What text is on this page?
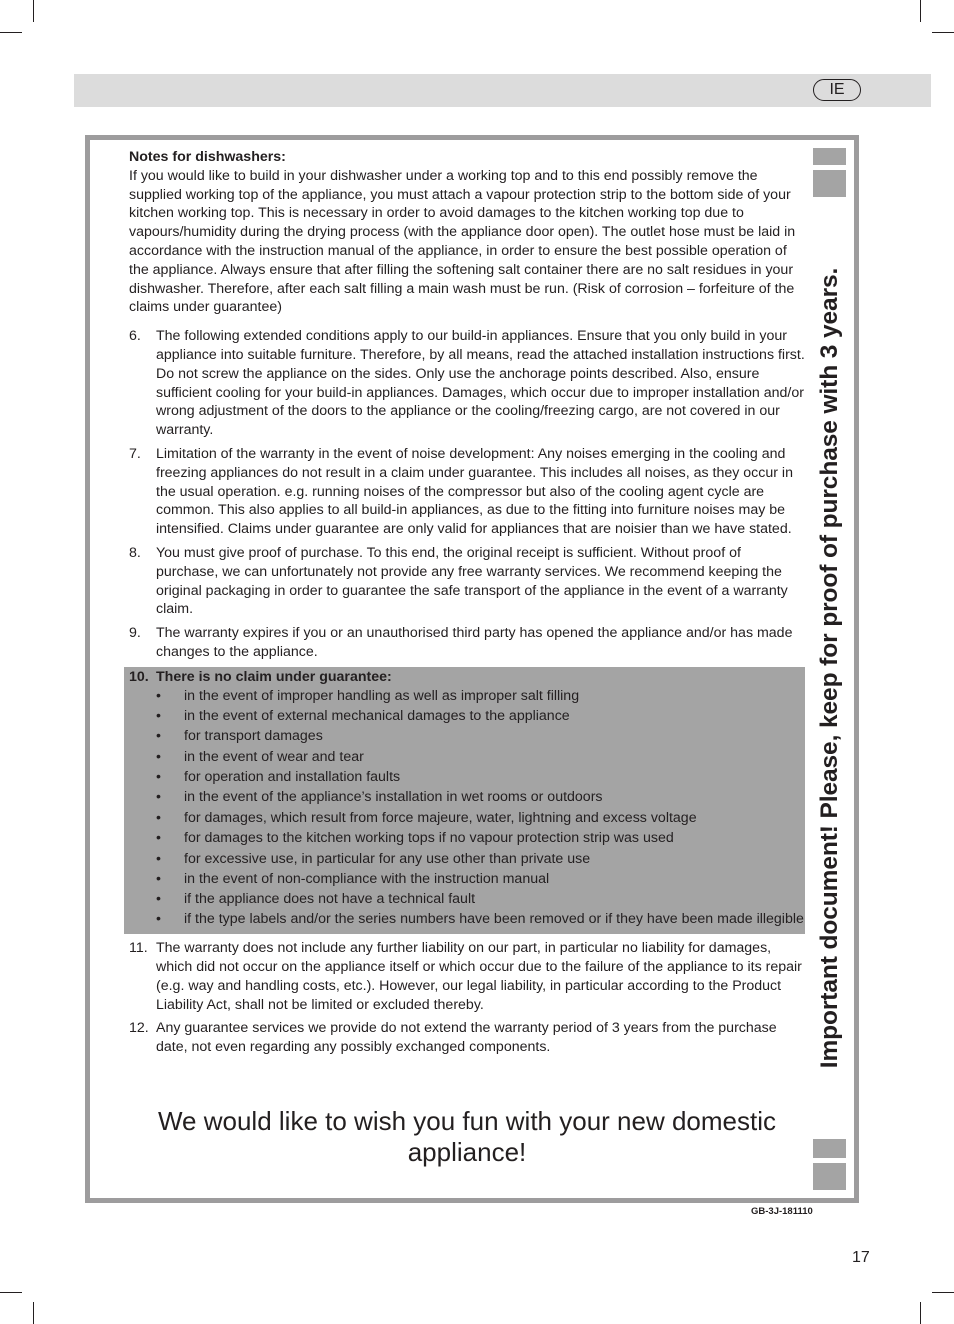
IE
Important document! Please, keep for proof of purchase with 3 years.
Notes for dishwashers:

If you would like to build in your dishwasher under a working top and to this end possibly remove the supplied working top of the appliance, you must attach a vapour protection strip to the bottom side of your kitchen working top. This is necessary in order to avoid damages to the kitchen working top due to vapours/humidity during the drying process (with the appliance door open). The outlet hose must be laid in accordance with the instruction manual of the appliance, in order to ensure the best possible operation of the appliance. Always ensure that after filling the softening salt container there are no salt residues in your dishwasher. Therefore, after each salt filling a main wash must be run. (Risk of corrosion – forfeiture of the claims under guarantee)

6. The following extended conditions apply to our build-in appliances. Ensure that you only build in your appliance into suitable furniture. Therefore, by all means, read the attached installation instructions first. Do not screw the appliance on the sides. Only use the anchorage points described. Also, ensure sufficient cooling for your build-in appliances. Damages, which occur due to improper installation and/or wrong adjustment of the doors to the appliance or the cooling/freezing cargo, are not covered in our warranty.
7. Limitation of the warranty in the event of noise development: Any noises emerging in the cooling and freezing appliances do not result in a claim under guarantee. This includes all noises, as they occur in the usual operation. e.g. running noises of the compressor but also of the cooling agent cycle are common. This also applies to all build-in appliances, as due to the fitting into furniture noises may be intensified. Claims under guarantee are only valid for appliances that are noisier than we have stated.
8. You must give proof of purchase. To this end, the original receipt is sufficient. Without proof of purchase, we can unfortunately not provide any free warranty services. We recommend keeping the original packaging in order to guarantee the safe transport of the appliance in the event of a warranty claim.
9. The warranty expires if you or an unauthorised third party has opened the appliance and/or has made changes to the appliance.
10. There is no claim under guarantee:
• in the event of improper handling as well as improper salt filling
• in the event of external mechanical damages to the appliance
• for transport damages
• in the event of wear and tear
• for operation and installation faults
• in the event of the appliance’s installation in wet rooms or outdoors
• for damages, which result from force majeure, water, lightning and excess voltage
• for damages to the kitchen working tops if no vapour protection strip was used
• for excessive use, in particular for any use other than private use
• in the event of non-compliance with the instruction manual
• if the appliance does not have a technical fault
• if the type labels and/or the series numbers have been removed or if they have been made illegible
11. The warranty does not include any further liability on our part, in particular no liability for damages, which did not occur on the appliance itself or which occur due to the failure of the appliance to its repair (e.g. way and handling costs, etc.). However, our legal liability, in particular according to the Product Liability Act, shall not be limited or excluded thereby.
12. Any guarantee services we provide do not extend the warranty period of 3 years from the purchase date, not even regarding any possibly exchanged components.
We would like to wish you fun with your new domestic appliance!
GB-3J-181110
17
